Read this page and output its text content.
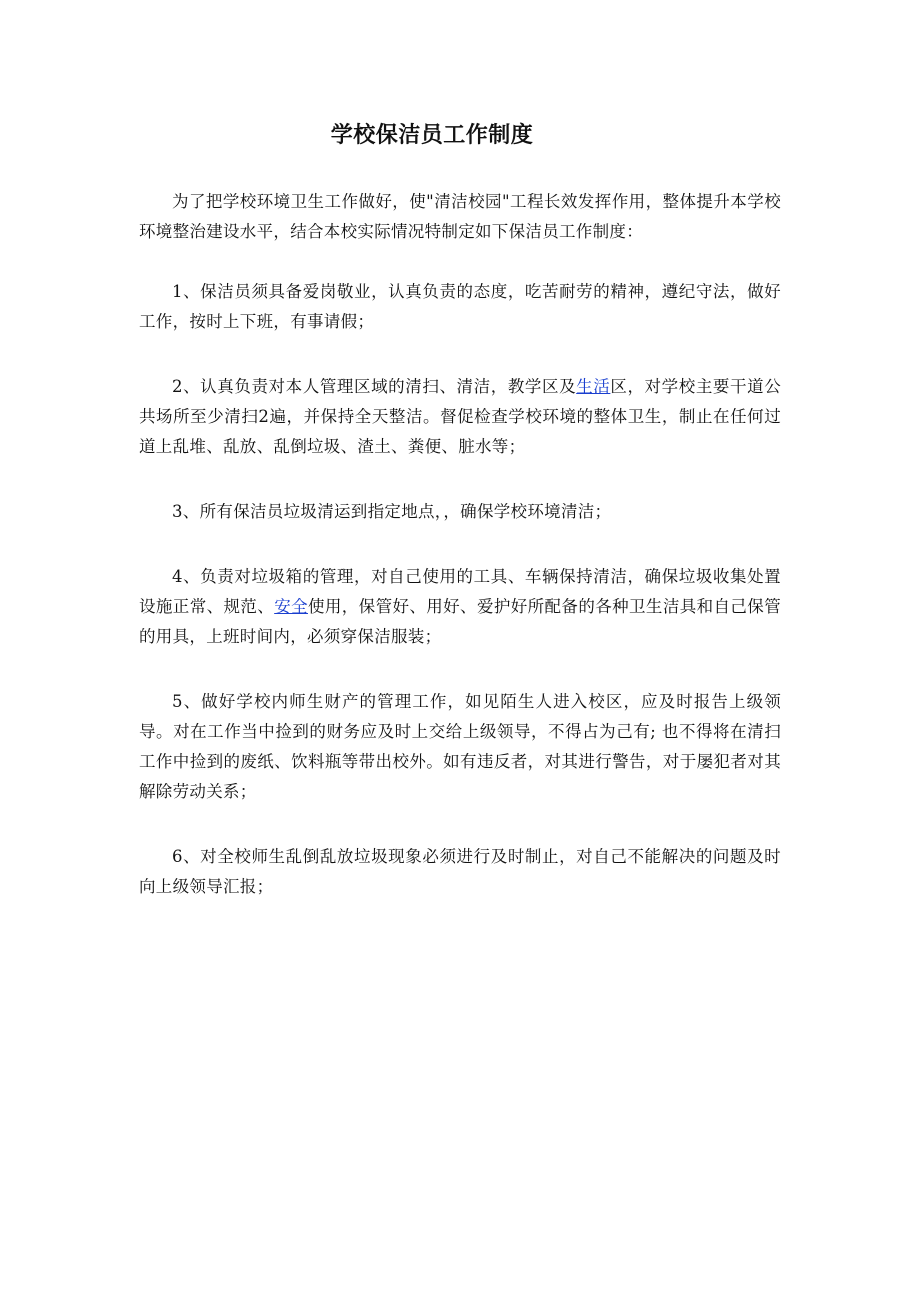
学校保洁员工作制度

为了把学校环境卫生工作做好，使"清洁校园"工程长效发挥作用，整体提升本学校环境整治建设水平，结合本校实际情况特制定如下保洁员工作制度：

1、保洁员须具备爱岗敬业，认真负责的态度，吃苦耐劳的精神，遵纪守法，做好工作，按时上下班，有事请假；

2、认真负责对本人管理区域的清扫、清洁，教学区及生活区，对学校主要干道公共场所至少清扫2遍，并保持全天整洁。督促检查学校环境的整体卫生，制止在任何过道上乱堆、乱放、乱倒垃圾、渣土、粪便、脏水等；

3、所有保洁员垃圾清运到指定地点，，确保学校环境清洁；

4、负责对垃圾箱的管理，对自己使用的工具、车辆保持清洁，确保垃圾收集处置设施正常、规范、安全使用，保管好、用好、爱护好所配备的各种卫生洁具和自己保管的用具，上班时间内，必须穿保洁服装；

5、做好学校内师生财产的管理工作，如见陌生人进入校区，应及时报告上级领导。对在工作当中捡到的财务应及时上交给上级领导，不得占为己有; 也不得将在清扫工作中捡到的废纸、饮料瓶等带出校外。如有违反者，对其进行警告，对于屡犯者对其解除劳动关系；

6、对全校师生乱倒乱放垃圾现象必须进行及时制止，对自己不能解决的问题及时向上级领导汇报；
